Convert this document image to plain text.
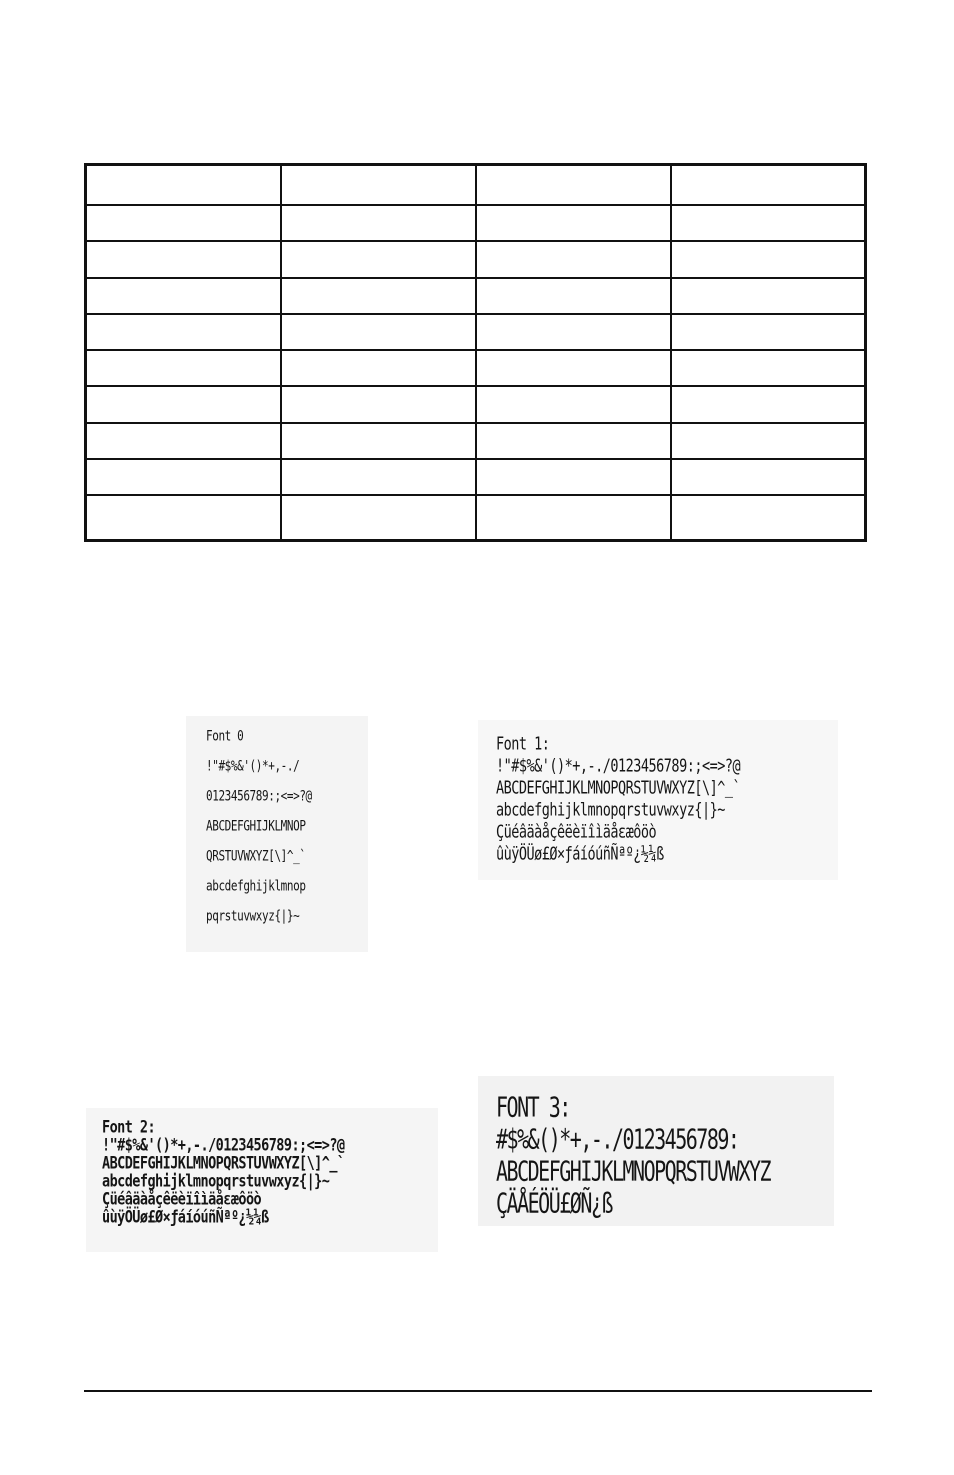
Font 0

!"#$%&'()*+,-./

0123456789:;<=>?@

ABCDEFGHIJKLMNOP

QRSTUVWXYZ[\]^_`

abcdefghijklmnop

pqrstuvwxyz{|}~

Font 1:

!"#$%&'()*+,-./0123456789:;<=>?@

ABCDEFGHIJKLMNOPQRSTUVWXYZ[\]^_`

abcdefghijklmnopqrstuvwxyz{|}~

Çüéâäàåçêëèïîìäåɛæôöò

ûùÿÖÜø£Ø×ƒáíóúñÑªº¿½¼ß

Font 2:

!"#$%&'()*+,-./0123456789:;<=>?@

ABCDEFGHIJKLMNOPQRSTUVWXYZ[\]^_`

abcdefghijklmnopqrstuvwxyz{|}~

Çüéâäàåçêëèïîìäåɛæôöò

ûùÿÖÜø£Ø×ƒáíóúñÑªº¿½¼ß

FONT 3:

#$%&()*+,-./0123456789:

ABCDEFGHIJKLMNOPQRSTUVWXYZ

ÇÄÅÉÖÜ£ØÑ¿ß
